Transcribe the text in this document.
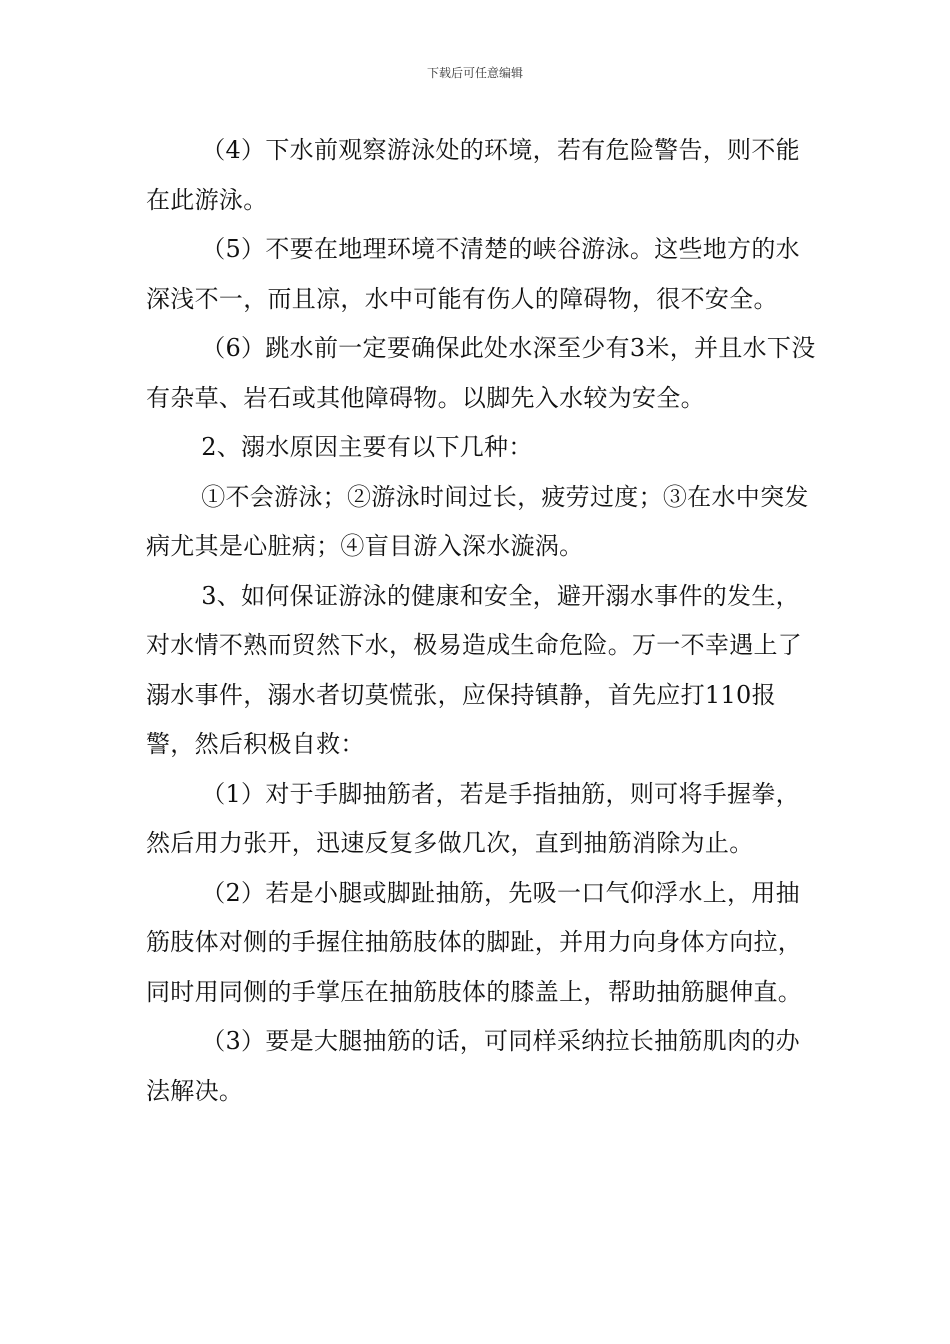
下载后可任意编辑

（4）下水前观察游泳处的环境，若有危险警告，则不能在此游泳。

（5）不要在地理环境不清楚的峡谷游泳。这些地方的水深浅不一，而且凉，水中可能有伤人的障碍物，很不安全。

（6）跳水前一定要确保此处水深至少有3米，并且水下没有杂草、岩石或其他障碍物。以脚先入水较为安全。

2、溺水原因主要有以下几种：

①不会游泳；②游泳时间过长，疲劳过度；③在水中突发病尤其是心脏病；④盲目游入深水漩涡。

3、如何保证游泳的健康和安全，避开溺水事件的发生，对水情不熟而贸然下水，极易造成生命危险。万一不幸遇上了溺水事件，溺水者切莫慌张，应保持镇静，首先应打110报警，然后积极自救：

（1）对于手脚抽筋者，若是手指抽筋，则可将手握拳，然后用力张开，迅速反复多做几次，直到抽筋消除为止。

（2）若是小腿或脚趾抽筋，先吸一口气仰浮水上，用抽筋肢体对侧的手握住抽筋肢体的脚趾，并用力向身体方向拉，同时用同侧的手掌压在抽筋肢体的膝盖上，帮助抽筋腿伸直。

（3）要是大腿抽筋的话，可同样采纳拉长抽筋肌肉的办法解决。
